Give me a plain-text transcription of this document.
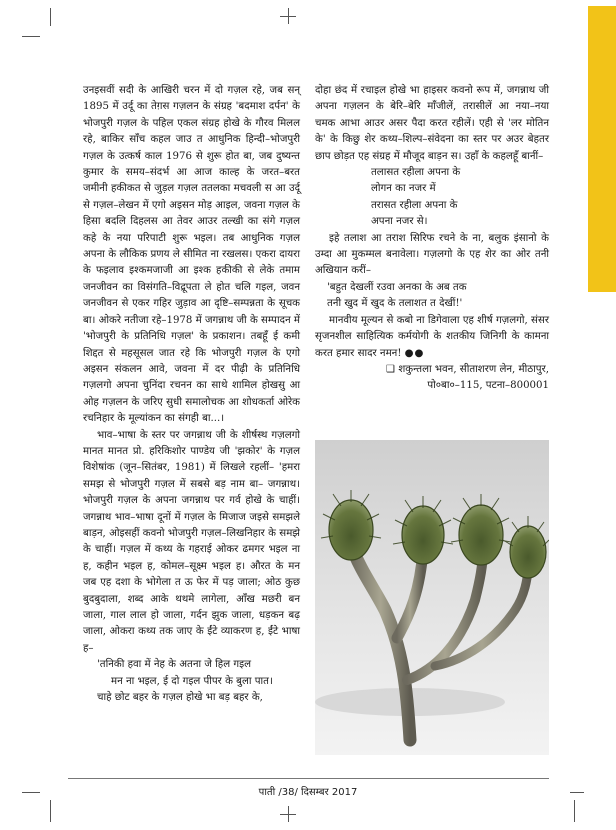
उनइसवीं सदी के आखिरी चरन में दो गज़ल रहे, जब सन् 1895 में उर्दू का तेग़स गज़लन के संग्रह 'बदमाश दर्पन' के भोजपुरी गज़ल के पहिल एकल संग्रह होखे के गौरव मिलल रहे, बाकिर साँच कहल जाउ त आधुनिक हिन्दी–भोजपुरी गज़ल के उत्कर्ष काल 1976 से शुरू होत बा, जब दुष्यन्त कुमार के समय–संदर्भ आ आज काल्ह के जरत–बरत जमीनी हकीकत से जुड़ल गज़ल ततलका मचवली स आ उर्दू से गज़ल–लेखन में एगो अइसन मोड़ आइल, जवना गज़ल के हिसा बदलि दिहलस आ तेवर आउर तल्खी का संगे गज़ल कहे के नया परिपाटी शुरू भइल। तब आधुनिक गज़ल अपना के लौकिक प्रणय ले सीमित ना रखलस। एकरा दायरा के फइलाव इश्कमजाजी आ इश्क हकीकी से लेके तमाम जनजीवन का विसंगति–विद्रूपता ले होत चलि गइल, जवन जनजीवन से एकर गहिर जुड़ाव आ दृष्टि–सम्पन्नता के सूचक बा। ओकरे नतीजा रहे–1978 में जगन्नाथ जी के सम्पादन में 'भोजपुरी के प्रतिनिधि गज़ल' के प्रकाशन। तबहूँ ई कमी शिद्दत से महसूसल जात रहे कि भोजपुरी गज़ल के एगो अइसन संकलन आवे, जवना में दर पीढ़ी के प्रतिनिधि गज़लगो अपना चुनिंदा रचनन का साथे शामिल होखसु आ ओह गज़लन के जरिए सुधी समालोचक आ शोधकर्ता ओरेक रचनिहार के मूल्यांकन का संगही बा...।

भाव–भाषा के स्तर पर जगन्नाथ जी के शीर्षस्थ गज़लगो मानत मानत प्रो. हरिकिशोर पाण्डेय जी 'झकोर' के गज़ल विशेषांक (जून–सितंबर, 1981) में लिखले रहलीं– 'हमरा समझ से भोजपुरी गज़ल में सबसे बड़ नाम बा– जगन्नाथ। भोजपुरी गज़ल के अपना जगन्नाथ पर गर्व होखे के चाहीं। जगन्नाथ भाव–भाषा दूनों में गज़ल के मिजाज जइसे समझले बाड़न, ओइसहीं कवनो भोजपुरी गज़ल–लिखनिहार के समझे के चाहीं। गज़ल में कथ्य के गहराई ओकर ढमगर भइल ना ह, कहीन भइल ह, कोमल–सूक्ष्म भइल ह। औरत के मन जब एह दशा के भोगेला त ऊ फेर में पड़ जाला; ओठ कुछ बुदबुदाला, शब्द आके थथमे लागेला, आँख मछरी बन जाला, गाल लाल हो जाला, गर्दन झुक जाला, धड़कन बढ़ जाला, ओकरा कथ्य तक जाए के ईंटे व्याकरण ह, ईंटे भाषा ह–

'तनिकी हवा में नेह के अतना जे हिल गइल

मन ना भइल, ई दो गइल पीपर के बुला पात।

चाहे छोट बहर के गज़ल होखे भा बड़ बहर के,

दोहा छंद में रचाइल होखे भा हाइसर कवनो रूप में, जगन्नाथ जी अपना गज़लन के बेरि–बेरि माँजीलें, तरासीलें आ नया–नया चमक आभा आउर असर पैदा करत रहीलें। एही से 'लर मोतिन के' के किछु शेर कथ्य–शिल्प–संवेदना का स्तर पर अउर बेहतर छाप छोड़त एह संग्रह में मौजूद बाड़न स। उहाँ के कहलहूँ बानीं–

तलासत रहीला अपना के

लोगन का नजर में

तरासत रहीला अपना के

अपना नजर से।

इहे तलाश आ तराश सिरिफ रचने के ना, बलुक इंसानो के उम्दा आ मुकम्मल बनावेला। गज़लगो के एह शेर का ओर तनी अखियान करीं–

'बहुत देखलीं रउवा अनका के अब तक

तनी खुद में खुद के तलाशत त देखीं!'

मानवीय मूल्यन से कबो ना डिगेवाला एह शीर्ष गज़लगो, संसर सृजनशील साहित्यिक कर्मयोगी के शतकीय जिनिगी के कामना करत हमार सादर नमन! ●●

❑ शकुन्तला भवन, सीताशरण लेन, मीठापुर,

पो०बा०–115, पटना–800001

पाती /38/ दिसम्बर 2017
